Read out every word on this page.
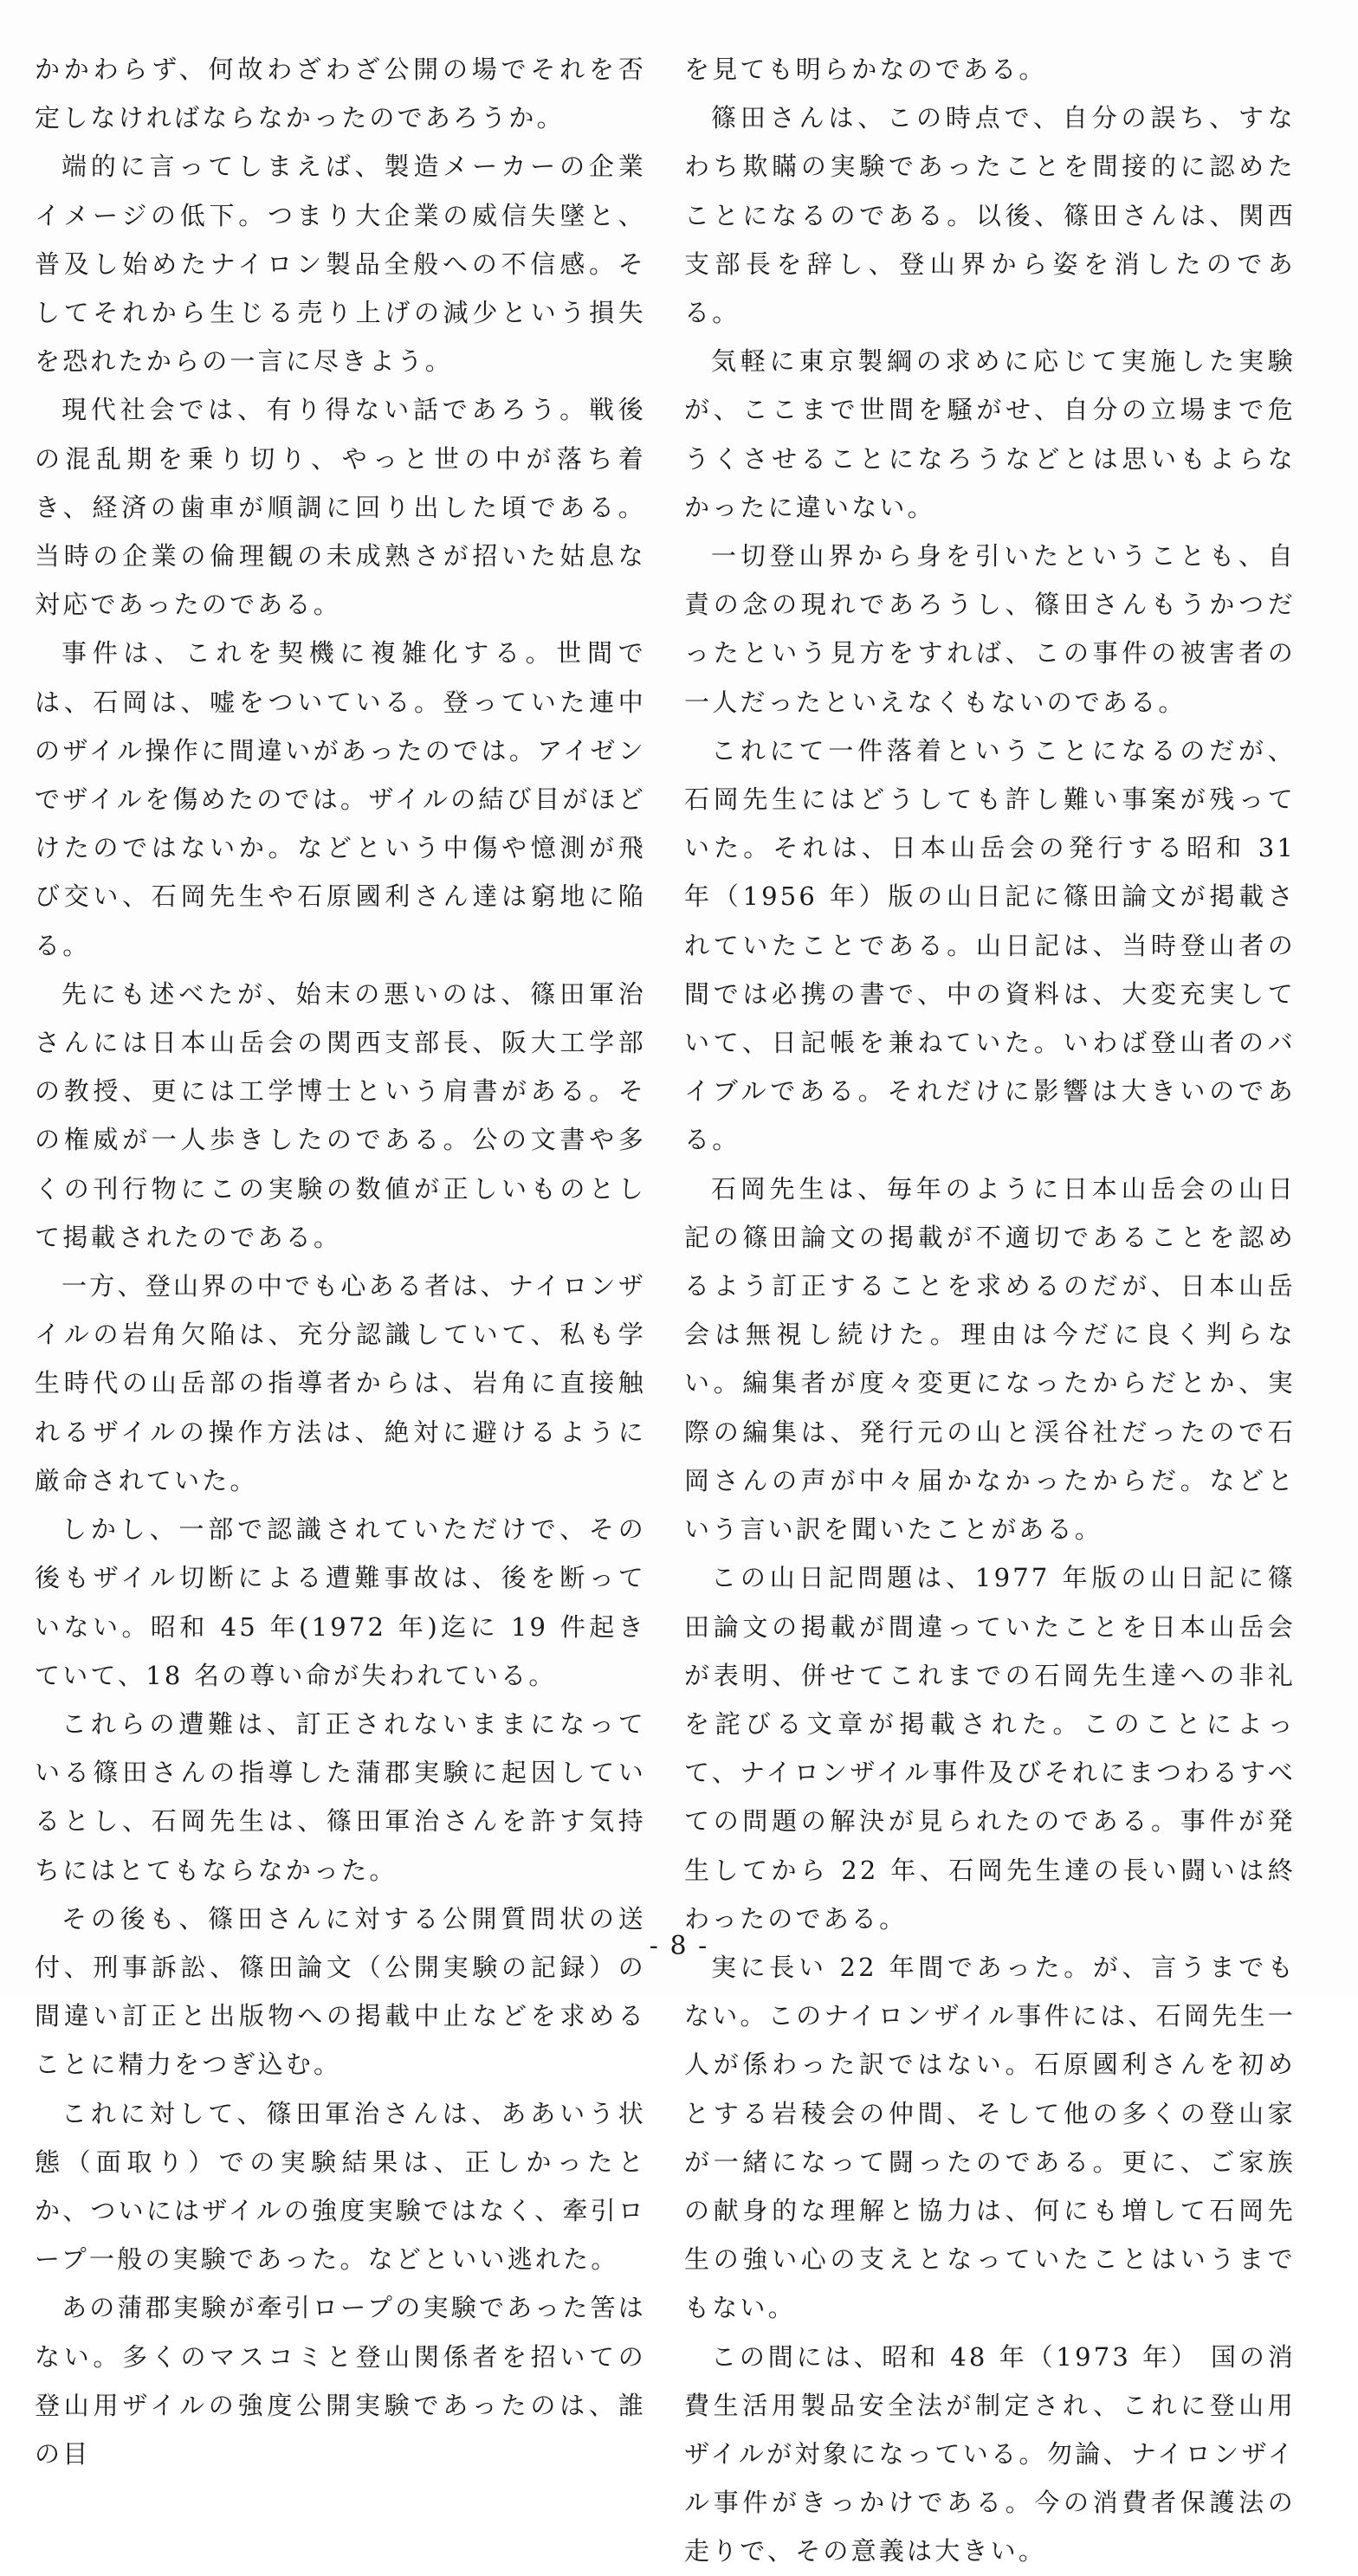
かかわらず、何故わざわざ公開の場でそれを否定しなければならなかったのであろうか。

端的に言ってしまえば、製造メーカーの企業イメージの低下。つまり大企業の威信失墜と、普及し始めたナイロン製品全般への不信感。そしてそれから生じる売り上げの減少という損失を恐れたからの一言に尽きよう。

現代社会では、有り得ない話であろう。戦後の混乱期を乗り切り、やっと世の中が落ち着き、経済の歯車が順調に回り出した頃である。当時の企業の倫理観の未成熟さが招いた姑息な対応であったのである。

事件は、これを契機に複雑化する。世間では、石岡は、嘘をついている。登っていた連中のザイル操作に間違いがあったのでは。アイゼンでザイルを傷めたのでは。ザイルの結び目がほどけたのではないか。などという中傷や憶測が飛び交い、石岡先生や石原國利さん達は窮地に陥る。

先にも述べたが、始末の悪いのは、篠田軍治さんには日本山岳会の関西支部長、阪大工学部の教授、更には工学博士という肩書がある。その権威が一人歩きしたのである。公の文書や多くの刊行物にこの実験の数値が正しいものとして掲載されたのである。

一方、登山界の中でも心ある者は、ナイロンザイルの岩角欠陥は、充分認識していて、私も学生時代の山岳部の指導者からは、岩角に直接触れるザイルの操作方法は、絶対に避けるように厳命されていた。

しかし、一部で認識されていただけで、その後もザイル切断による遭難事故は、後を断っていない。昭和 45 年(1972 年)迄に 19 件起きていて、18 名の尊い命が失われている。

これらの遭難は、訂正されないままになっている篠田さんの指導した蒲郡実験に起因しているとし、石岡先生は、篠田軍治さんを許す気持ちにはとてもならなかった。

その後も、篠田さんに対する公開質問状の送付、刑事訴訟、篠田論文（公開実験の記録）の間違い訂正と出版物への掲載中止などを求めることに精力をつぎ込む。

これに対して、篠田軍治さんは、ああいう状態（面取り）での実験結果は、正しかったとか、ついにはザイルの強度実験ではなく、牽引ロープ一般の実験であった。などといい逃れた。

あの蒲郡実験が牽引ロープの実験であった筈はない。多くのマスコミと登山関係者を招いての登山用ザイルの強度公開実験であったのは、誰の目

を見ても明らかなのである。

篠田さんは、この時点で、自分の誤ち、すなわち欺瞞の実験であったことを間接的に認めたことになるのである。以後、篠田さんは、関西支部長を辞し、登山界から姿を消したのである。

気軽に東京製綱の求めに応じて実施した実験が、ここまで世間を騒がせ、自分の立場まで危うくさせることになろうなどとは思いもよらなかったに違いない。

一切登山界から身を引いたということも、自責の念の現れであろうし、篠田さんもうかつだったという見方をすれば、この事件の被害者の一人だったといえなくもないのである。

これにて一件落着ということになるのだが、石岡先生にはどうしても許し難い事案が残っていた。それは、日本山岳会の発行する昭和 31 年（1956 年）版の山日記に篠田論文が掲載されていたことである。山日記は、当時登山者の間では必携の書で、中の資料は、大変充実していて、日記帳を兼ねていた。いわば登山者のバイブルである。それだけに影響は大きいのである。

石岡先生は、毎年のように日本山岳会の山日記の篠田論文の掲載が不適切であることを認めるよう訂正することを求めるのだが、日本山岳会は無視し続けた。理由は今だに良く判らない。編集者が度々変更になったからだとか、実際の編集は、発行元の山と渓谷社だったので石岡さんの声が中々届かなかったからだ。などという言い訳を聞いたことがある。

この山日記問題は、1977 年版の山日記に篠田論文の掲載が間違っていたことを日本山岳会が表明、併せてこれまでの石岡先生達への非礼を詫びる文章が掲載された。このことによって、ナイロンザイル事件及びそれにまつわるすべての問題の解決が見られたのである。事件が発生してから 22 年、石岡先生達の長い闘いは終わったのである。

実に長い 22 年間であった。が、言うまでもない。このナイロンザイル事件には、石岡先生一人が係わった訳ではない。石原國利さんを初めとする岩稜会の仲間、そして他の多くの登山家が一緒になって闘ったのである。更に、ご家族の献身的な理解と協力は、何にも増して石岡先生の強い心の支えとなっていたことはいうまでもない。

この間には、昭和 48 年（1973 年） 国の消費生活用製品安全法が制定され、これに登山用ザイルが対象になっている。勿論、ナイロンザイル事件がきっかけである。今の消費者保護法の走りで、その意義は大きい。

- 8 -
